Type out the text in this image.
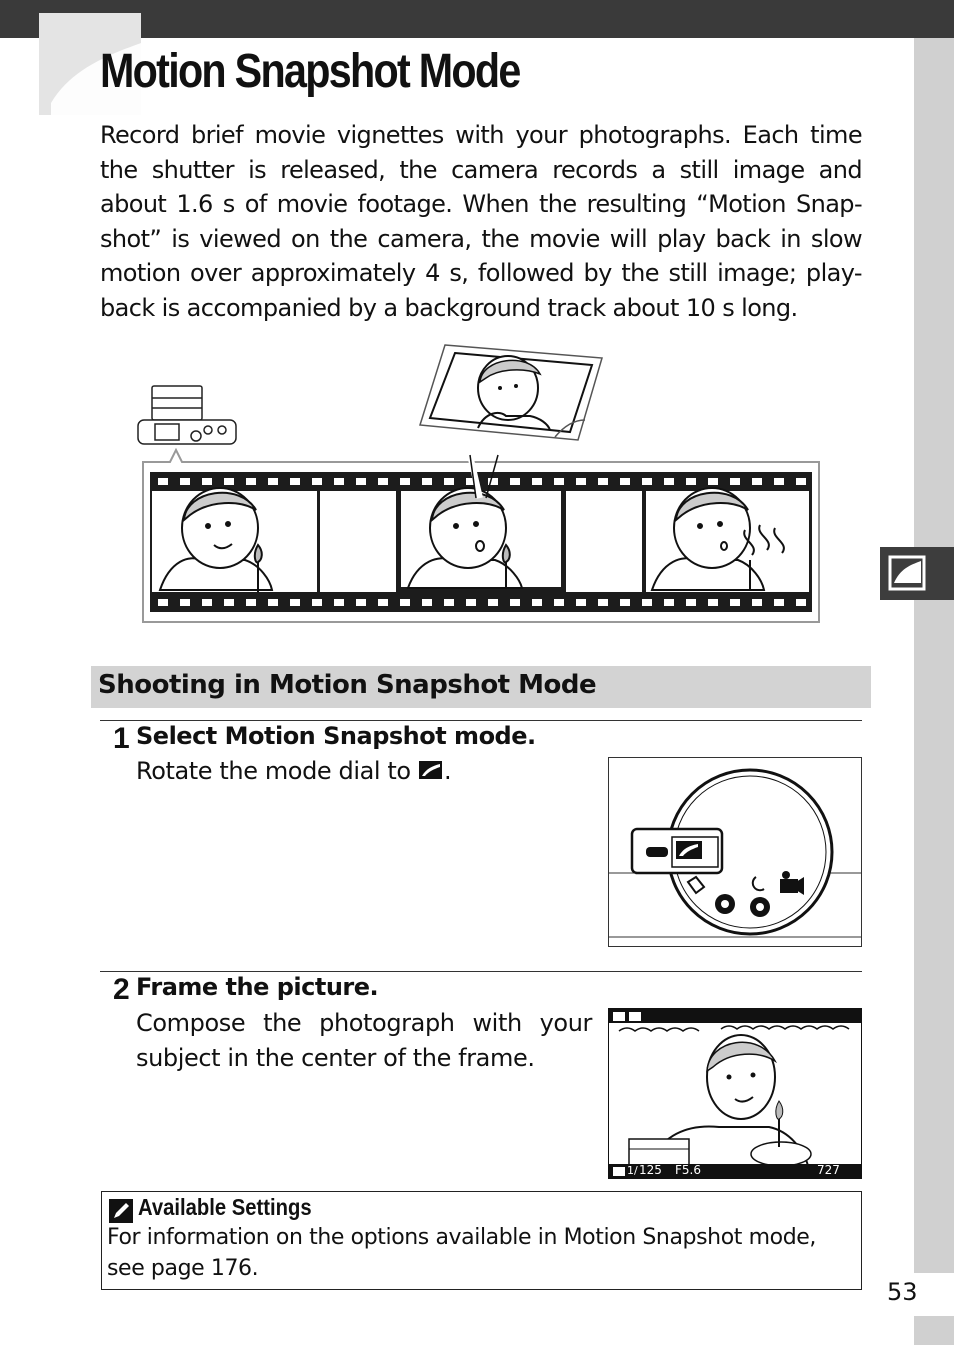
Motion Snapshot Mode
Record brief movie vignettes with your photographs. Each time the shutter is released, the camera records a still image and about 1.6 s of movie footage. When the resulting “Motion Snap-shot” is viewed on the camera, the movie will play back in slow motion over approximately 4 s, followed by the still image; play-back is accompanied by a background track about 10 s long.
Shooting in Motion Snapshot Mode
1 Select Motion Snapshot mode.
Rotate the mode dial to .
2 Frame the picture.
Compose the photograph with your subject in the center of the frame.
1/ 125 F5.6	727
Available Settings
For information on the options available in Motion Snapshot mode, see page 176.
53
